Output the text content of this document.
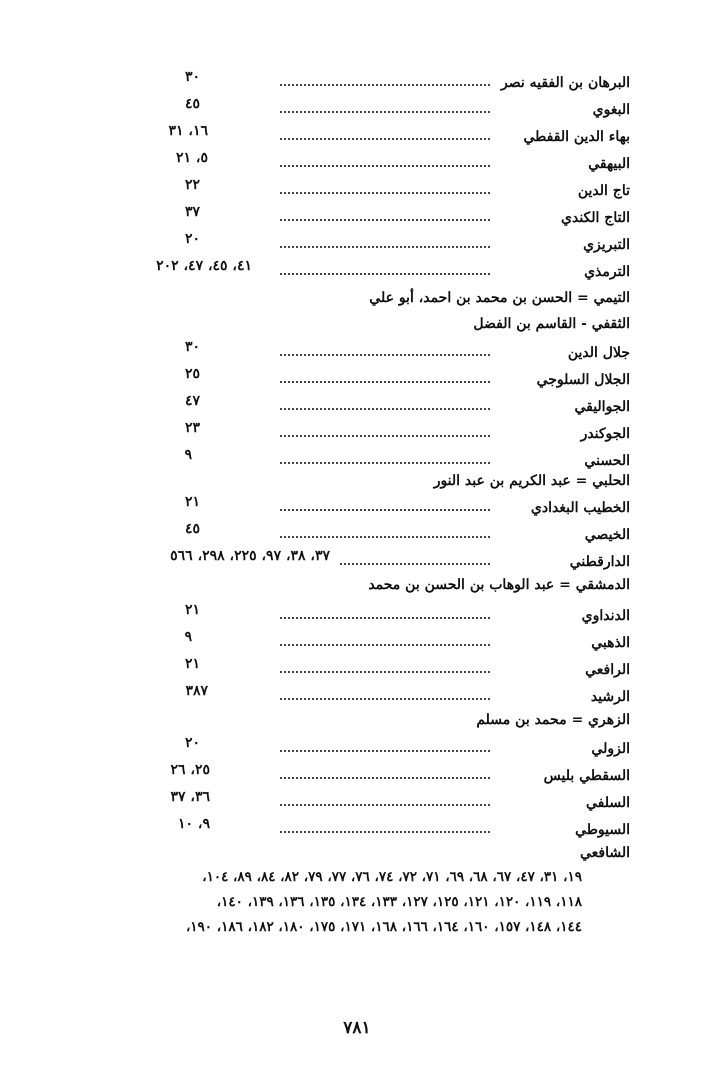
البرهان بن الفقيه نصر
٣٠
البغوي
٤٥
بهاء الدين القفطي
١٦، ٣١
البيهقي
٥، ٢١
تاج الدين
٢٢
التاج الكندي
٣٧
التبريزي
٢٠
الترمذي
٤١، ٤٥، ٤٧، ٢٠٢
التيمي = الحسن بن محمد بن احمد، أبو علي
الثقفي - القاسم بن الفضل
جلال الدين
٣٠
الجلال السلوجي
٢٥
الجواليقي
٤٧
الجوكندر
٢٣
الحسني
٩
الحلبي = عبد الكريم بن عبد النور
الخطيب البغدادي
٢١
الخيصي
٤٥
الدارقطني
٣٧، ٣٨، ٩٧، ٢٢٥، ٢٩٨، ٥٦٦
الدمشقي = عبد الوهاب بن الحسن بن محمد
الدنداوي
٢١
الذهبي
٩
الرافعي
٢١
الرشيد
٣٨٧
الزهري = محمد بن مسلم
الزولي
٢٠
السقطي بليس
٢٥، ٢٦
السلفي
٣٦، ٣٧
السيوطي
٩، ١٠
الشافعي
١٩، ٣١، ٤٧، ٦٧، ٦٨، ٦٩، ٧١، ٧٢، ٧٤، ٧٦، ٧٧، ٧٩، ٨٢، ٨٤، ٨٩، ١٠٤،
١١٨، ١١٩، ١٢٠، ١٢١، ١٢٥، ١٢٧، ١٣٣، ١٣٤، ١٣٥، ١٣٦، ١٣٩، ١٤٠،
١٤٤، ١٤٨، ١٥٧، ١٦٠، ١٦٤، ١٦٦، ١٦٨، ١٧١، ١٧٥، ١٨٠، ١٨٢، ١٨٦، ١٩٠،
٧٨١
